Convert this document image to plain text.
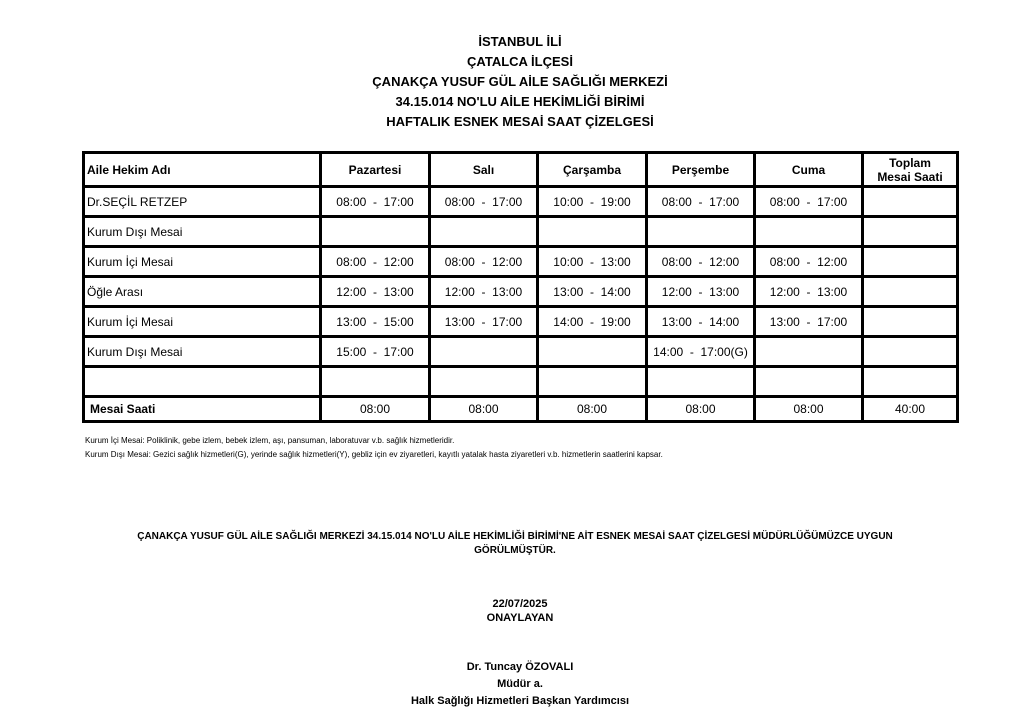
İSTANBUL İLİ
ÇATALCA İLÇESİ
ÇANAKÇA YUSUF GÜL AİLE SAĞLIĞI MERKEZİ
34.15.014 NO'LU AİLE HEKİMLİĞİ BİRİMİ
HAFTALIK ESNEK MESAİ SAAT ÇİZELGESİ
Aile Hekim Adı	Pazartesi	Salı	Çarşamba	Perşembe	Cuma	Toplam
Mesai Saati
Dr.SEÇİL RETZEP	08:00  -  17:00	08:00  -  17:00	10:00  -  19:00	08:00  -  17:00	08:00  -  17:00	
Kurum Dışı Mesai						
Kurum İçi Mesai	08:00  -  12:00	08:00  -  12:00	10:00  -  13:00	08:00  -  12:00	08:00  -  12:00	
Öğle Arası	12:00  -  13:00	12:00  -  13:00	13:00  -  14:00	12:00  -  13:00	12:00  -  13:00	
Kurum İçi Mesai	13:00  -  15:00	13:00  -  17:00	14:00  -  19:00	13:00  -  14:00	13:00  -  17:00	
Kurum Dışı Mesai	15:00  -  17:00			14:00  -  17:00(G)		

Mesai Saati	08:00	08:00	08:00	08:00	08:00	40:00
Kurum İçi Mesai: Poliklinik, gebe izlem, bebek izlem, aşı, pansuman, laboratuvar v.b. sağlık hizmetleridir.
Kurum Dışı Mesai: Gezici sağlık hizmetleri(G), yerinde sağlık hizmetleri(Y), gebliz için ev ziyaretleri, kayıtlı yatalak hasta ziyaretleri v.b. hizmetlerin saatlerini kapsar.
ÇANAKÇA YUSUF GÜL AİLE SAĞLIĞI MERKEZİ 34.15.014 NO'LU AİLE HEKİMLİĞİ BİRİMİ'NE AİT ESNEK MESAİ SAAT ÇİZELGESİ MÜDÜRLÜĞÜMÜZCE UYGUN GÖRÜLMÜŞTÜR.
22/07/2025
ONAYLAYAN
Dr. Tuncay ÖZOVALI
Müdür a.
Halk Sağlığı Hizmetleri Başkan Yardımcısı
